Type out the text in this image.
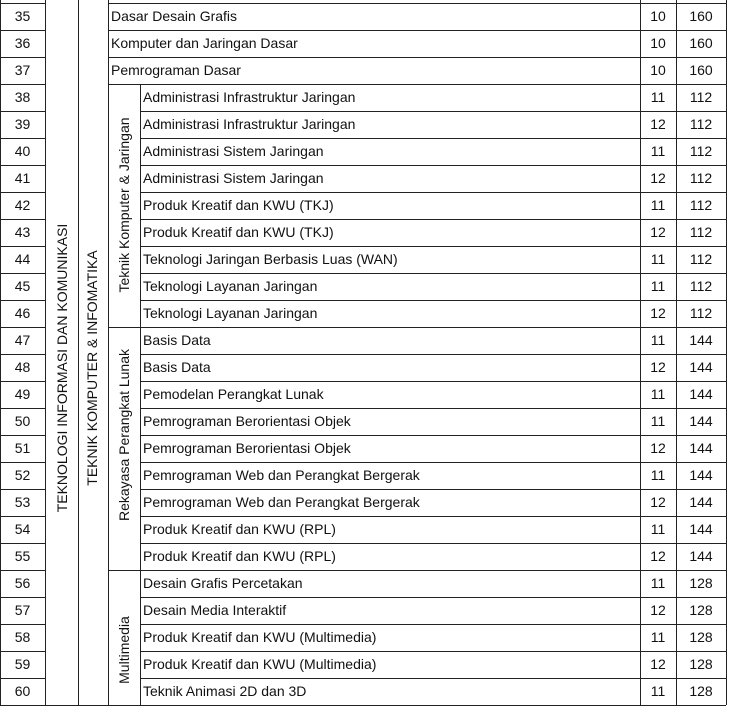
TEKNOLOGI INFORMASI DAN KOMUNIKASI TEKNIK KOMPUTER & INFOMATIKA
Teknik Komputer & Jaringan
Rekayasa Perangkat Lunak
Multimedia
35	Dasar Desain Grafis	10	160
36	Komputer dan Jaringan Dasar	10	160
37	Pemrograman Dasar	10	160
38	Administrasi Infrastruktur Jaringan	11	112
39	Administrasi Infrastruktur Jaringan	12	112
40	Administrasi Sistem Jaringan	11	112
41	Administrasi Sistem Jaringan	12	112
42	Produk Kreatif dan KWU (TKJ)	11	112
43	Produk Kreatif dan KWU (TKJ)	12	112
44	Teknologi Jaringan Berbasis Luas (WAN)	11	112
45	Teknologi Layanan Jaringan	11	112
46	Teknologi Layanan Jaringan	12	112
47	Basis Data	11	144
48	Basis Data	12	144
49	Pemodelan Perangkat Lunak	11	144
50	Pemrograman Berorientasi Objek	11	144
51	Pemrograman Berorientasi Objek	12	144
52	Pemrograman Web dan Perangkat Bergerak	11	144
53	Pemrograman Web dan Perangkat Bergerak	12	144
54	Produk Kreatif dan KWU (RPL)	11	144
55	Produk Kreatif dan KWU (RPL)	12	144
56	Desain Grafis Percetakan	11	128
57	Desain Media Interaktif	12	128
58	Produk Kreatif dan KWU (Multimedia)	11	128
59	Produk Kreatif dan KWU (Multimedia)	12	128
60	Teknik Animasi 2D dan 3D	11	128
